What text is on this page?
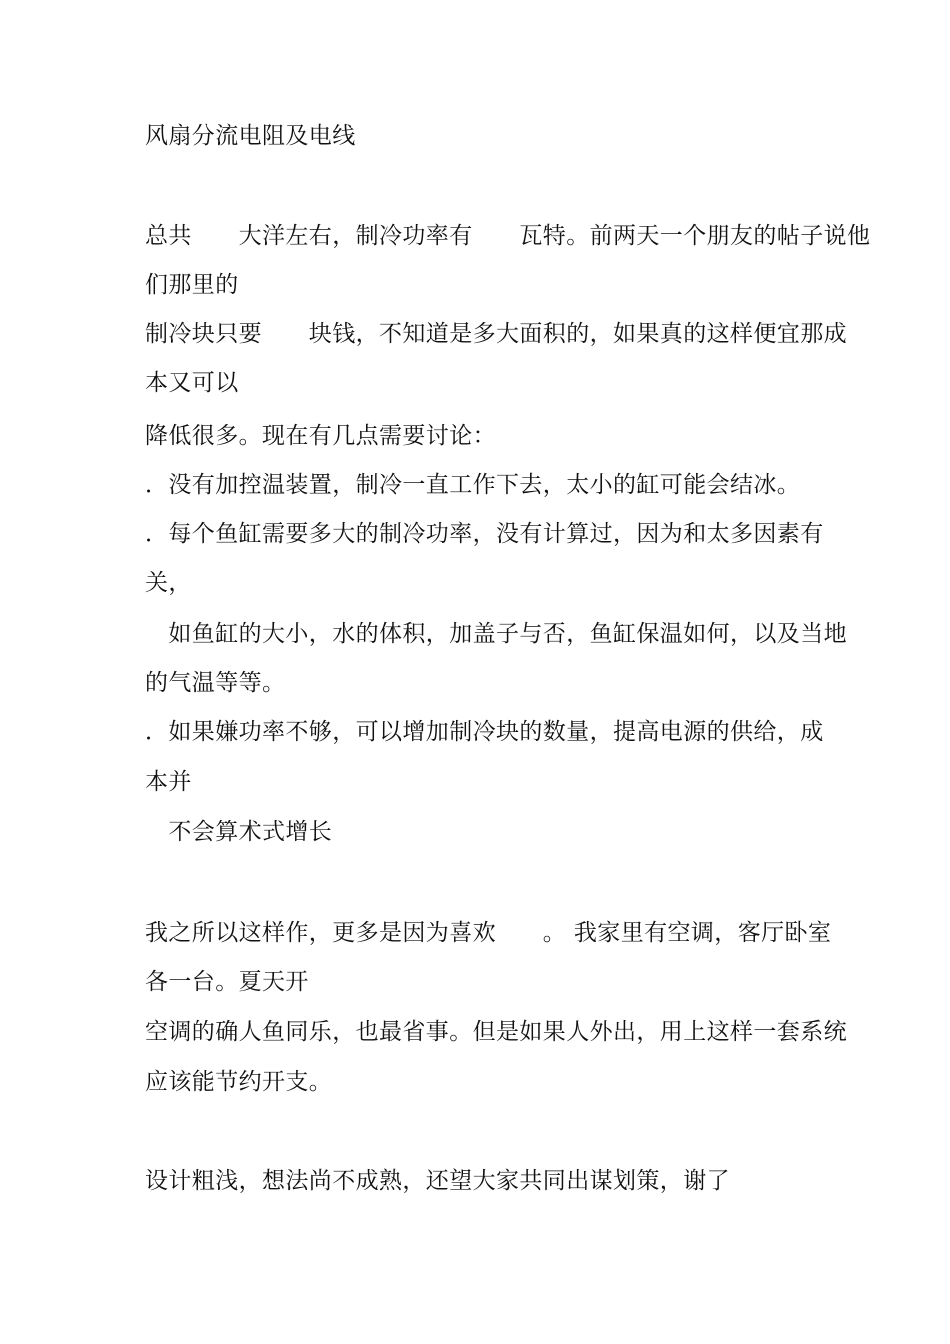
风扇分流电阻及电线
总共　　大洋左右，制冷功率有　　瓦特。前两天一个朋友的帖子说他
们那里的
制冷块只要　　块钱，不知道是多大面积的，如果真的这样便宜那成
本又可以
降低很多。现在有几点需要讨论：
．没有加控温装置，制冷一直工作下去，太小的缸可能会结冰。
．每个鱼缸需要多大的制冷功率，没有计算过，因为和太多因素有
关，
　如鱼缸的大小，水的体积，加盖子与否，鱼缸保温如何，以及当地
的气温等等。
．如果嫌功率不够，可以增加制冷块的数量，提高电源的供给，成
本并
　不会算术式增长
我之所以这样作，更多是因为喜欢　　。 我家里有空调，客厅卧室
各一台。夏天开
空调的确人鱼同乐，也最省事。但是如果人外出，用上这样一套系统
应该能节约开支。
设计粗浅，想法尚不成熟，还望大家共同出谋划策，谢了
